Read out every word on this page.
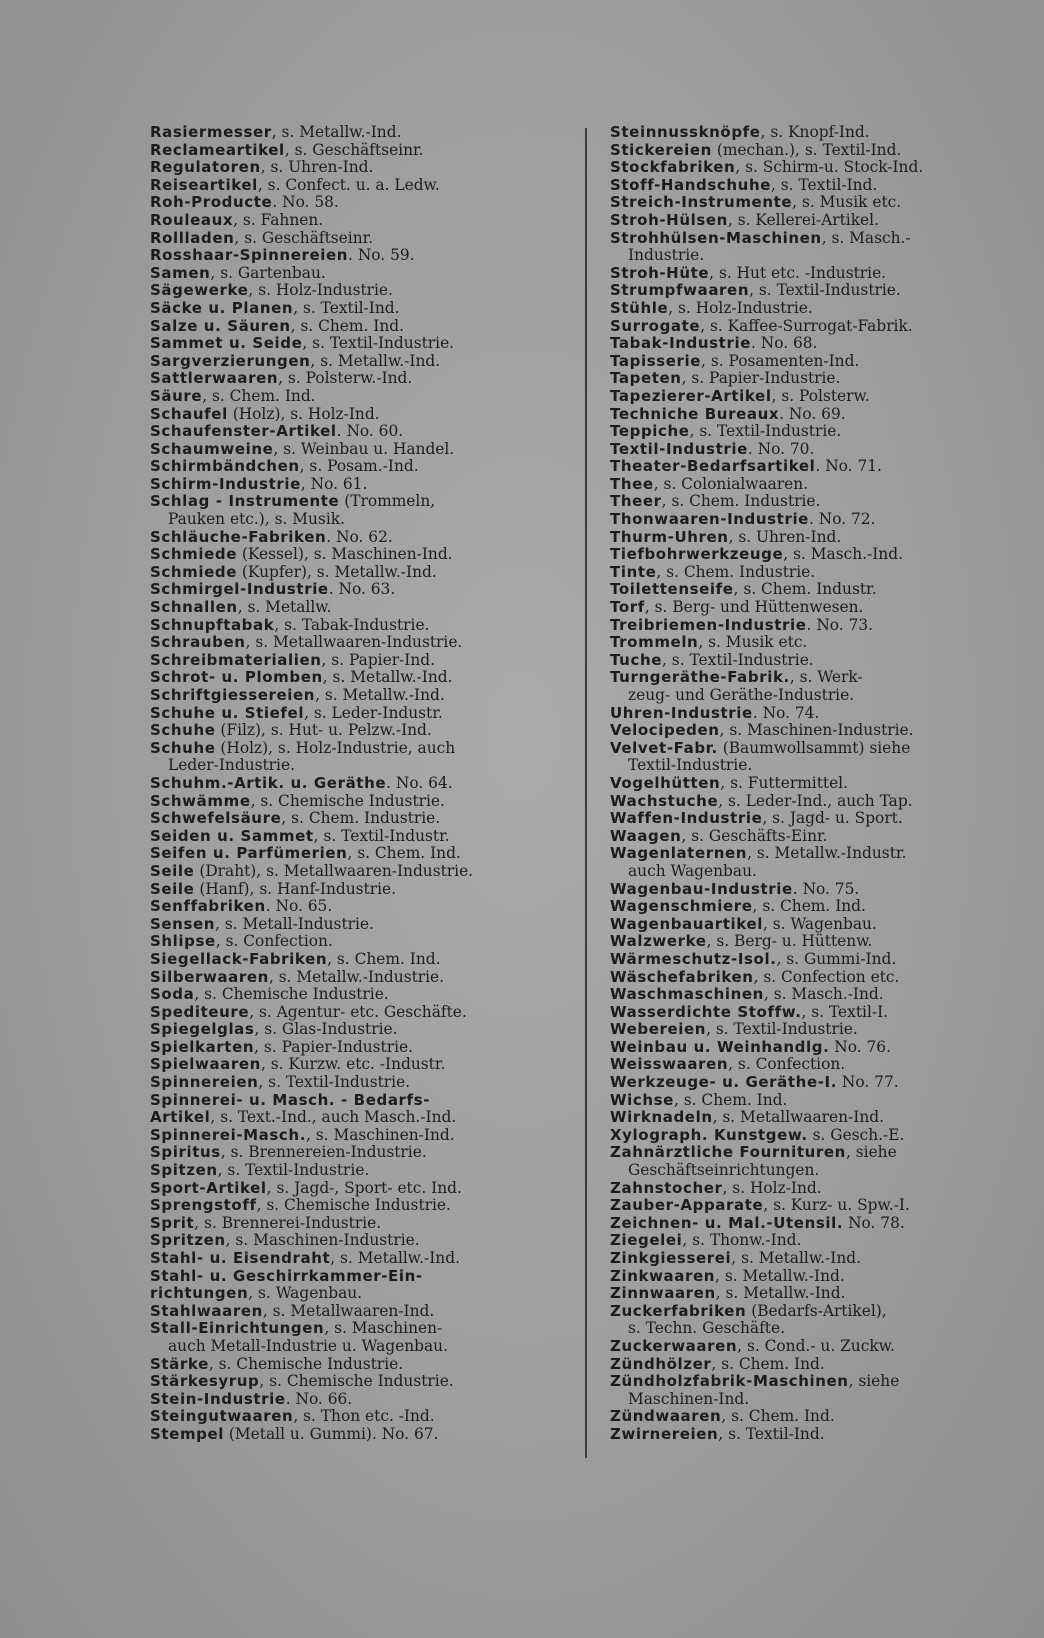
Rasiermesser, s. Metallw.-Ind.
Reclameartikel, s. Geschäftseinr.
Regulatoren, s. Uhren-Ind.
Reiseartikel, s. Confect. u. a. Ledw.
Roh-Producte. No. 58.
Rouleaux, s. Fahnen.
Rollladen, s. Geschäftseinr.
Rosshaar-Spinnereien. No. 59.
Samen, s. Gartenbau.
Sägewerke, s. Holz-Industrie.
Säcke u. Planen, s. Textil-Ind.
Salze u. Säuren, s. Chem. Ind.
Sammet u. Seide, s. Textil-Industrie.
Sargverzierungen, s. Metallw.-Ind.
Sattlerwaaren, s. Polsterw.-Ind.
Säure, s. Chem. Ind.
Schaufel (Holz), s. Holz-Ind.
Schaufenster-Artikel. No. 60.
Schaumweine, s. Weinbau u. Handel.
Schirmbändchen, s. Posam.-Ind.
Schirm-Industrie, No. 61.
Schlag - Instrumente (Trommeln,
Pauken etc.), s. Musik.
Schläuche-Fabriken. No. 62.
Schmiede (Kessel), s. Maschinen-Ind.
Schmiede (Kupfer), s. Metallw.-Ind.
Schmirgel-Industrie. No. 63.
Schnallen, s. Metallw.
Schnupftabak, s. Tabak-Industrie.
Schrauben, s. Metallwaaren-Industrie.
Schreibmaterialien, s. Papier-Ind.
Schrot- u. Plomben, s. Metallw.-Ind.
Schriftgiessereien, s. Metallw.-Ind.
Schuhe u. Stiefel, s. Leder-Industr.
Schuhe (Filz), s. Hut- u. Pelzw.-Ind.
Schuhe (Holz), s. Holz-Industrie, auch
Leder-Industrie.
Schuhm.-Artik. u. Geräthe. No. 64.
Schwämme, s. Chemische Industrie.
Schwefelsäure, s. Chem. Industrie.
Seiden u. Sammet, s. Textil-Industr.
Seifen u. Parfümerien, s. Chem. Ind.
Seile (Draht), s. Metallwaaren-Industrie.
Seile (Hanf), s. Hanf-Industrie.
Senffabriken. No. 65.
Sensen, s. Metall-Industrie.
Shlipse, s. Confection.
Siegellack-Fabriken, s. Chem. Ind.
Silberwaaren, s. Metallw.-Industrie.
Soda, s. Chemische Industrie.
Spediteure, s. Agentur- etc. Geschäfte.
Spiegelglas, s. Glas-Industrie.
Spielkarten, s. Papier-Industrie.
Spielwaaren, s. Kurzw. etc. -Industr.
Spinnereien, s. Textil-Industrie.
Spinnerei- u. Masch. - Bedarfs-
Artikel, s. Text.-Ind., auch Masch.-Ind.
Spinnerei-Masch., s. Maschinen-Ind.
Spiritus, s. Brennereien-Industrie.
Spitzen, s. Textil-Industrie.
Sport-Artikel, s. Jagd-, Sport- etc. Ind.
Sprengstoff, s. Chemische Industrie.
Sprit, s. Brennerei-Industrie.
Spritzen, s. Maschinen-Industrie.
Stahl- u. Eisendraht, s. Metallw.-Ind.
Stahl- u. Geschirrkammer-Ein-
richtungen, s. Wagenbau.
Stahlwaaren, s. Metallwaaren-Ind.
Stall-Einrichtungen, s. Maschinen-
auch Metall-Industrie u. Wagenbau.
Stärke, s. Chemische Industrie.
Stärkesyrup, s. Chemische Industrie.
Stein-Industrie. No. 66.
Steingutwaaren, s. Thon etc. -Ind.
Stempel (Metall u. Gummi). No. 67.
Steinnussknöpfe, s. Knopf-Ind.
Stickereien (mechan.), s. Textil-Ind.
Stockfabriken, s. Schirm-u. Stock-Ind.
Stoff-Handschuhe, s. Textil-Ind.
Streich-Instrumente, s. Musik etc.
Stroh-Hülsen, s. Kellerei-Artikel.
Strohhülsen-Maschinen, s. Masch.-
Industrie.
Stroh-Hüte, s. Hut etc. -Industrie.
Strumpfwaaren, s. Textil-Industrie.
Stühle, s. Holz-Industrie.
Surrogate, s. Kaffee-Surrogat-Fabrik.
Tabak-Industrie. No. 68.
Tapisserie, s. Posamenten-Ind.
Tapeten, s. Papier-Industrie.
Tapezierer-Artikel, s. Polsterw.
Techniche Bureaux. No. 69.
Teppiche, s. Textil-Industrie.
Textil-Industrie. No. 70.
Theater-Bedarfsartikel. No. 71.
Thee, s. Colonialwaaren.
Theer, s. Chem. Industrie.
Thonwaaren-Industrie. No. 72.
Thurm-Uhren, s. Uhren-Ind.
Tiefbohrwerkzeuge, s. Masch.-Ind.
Tinte, s. Chem. Industrie.
Toilettenseife, s. Chem. Industr.
Torf, s. Berg- und Hüttenwesen.
Treibriemen-Industrie. No. 73.
Trommeln, s. Musik etc.
Tuche, s. Textil-Industrie.
Turngeräthe-Fabrik., s. Werk-
zeug- und Geräthe-Industrie.
Uhren-Industrie. No. 74.
Velocipeden, s. Maschinen-Industrie.
Velvet-Fabr. (Baumwollsammt) siehe
Textil-Industrie.
Vogelhütten, s. Futtermittel.
Wachstuche, s. Leder-Ind., auch Tap.
Waffen-Industrie, s. Jagd- u. Sport.
Waagen, s. Geschäfts-Einr.
Wagenlaternen, s. Metallw.-Industr.
auch Wagenbau.
Wagenbau-Industrie. No. 75.
Wagenschmiere, s. Chem. Ind.
Wagenbauartikel, s. Wagenbau.
Walzwerke, s. Berg- u. Hüttenw.
Wärmeschutz-Isol., s. Gummi-Ind.
Wäschefabriken, s. Confection etc.
Waschmaschinen, s. Masch.-Ind.
Wasserdichte Stoffw., s. Textil-I.
Webereien, s. Textil-Industrie.
Weinbau u. Weinhandlg. No. 76.
Weisswaaren, s. Confection.
Werkzeuge- u. Geräthe-I. No. 77.
Wichse, s. Chem. Ind.
Wirknadeln, s. Metallwaaren-Ind.
Xylograph. Kunstgew. s. Gesch.-E.
Zahnärztliche Fournituren, siehe
Geschäftseinrichtungen.
Zahnstocher, s. Holz-Ind.
Zauber-Apparate, s. Kurz- u. Spw.-I.
Zeichnen- u. Mal.-Utensil. No. 78.
Ziegelei, s. Thonw.-Ind.
Zinkgiesserei, s. Metallw.-Ind.
Zinkwaaren, s. Metallw.-Ind.
Zinnwaaren, s. Metallw.-Ind.
Zuckerfabriken (Bedarfs-Artikel),
s. Techn. Geschäfte.
Zuckerwaaren, s. Cond.- u. Zuckw.
Zündhölzer, s. Chem. Ind.
Zündholzfabrik-Maschinen, siehe
Maschinen-Ind.
Zündwaaren, s. Chem. Ind.
Zwirnereien, s. Textil-Ind.
